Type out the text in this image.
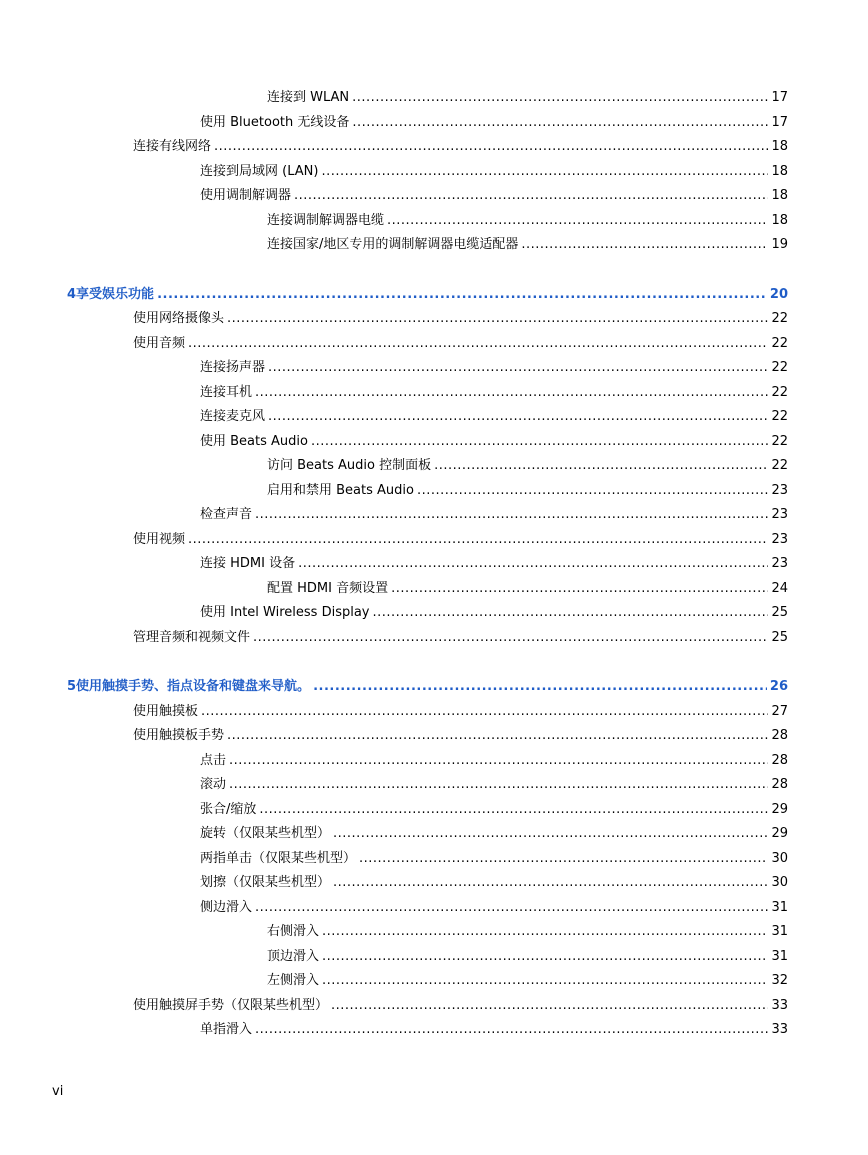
连接到 WLAN .....	17
使用 Bluetooth 无线设备 .....	17
连接有线网络 .....	18
连接到局域网 (LAN) .....	18
使用调制解调器 .....	18
连接调制解调器电缆 .....	18
连接国家/地区专用的调制解调器电缆适配器 .....	19
4 享受娱乐功能 .....	20
使用网络摄像头 .....	22
使用音频 .....	22
连接扬声器 .....	22
连接耳机 .....	22
连接麦克风 .....	22
使用 Beats Audio .....	22
访问 Beats Audio 控制面板 .....	22
启用和禁用 Beats Audio .....	23
检查声音 .....	23
使用视频 .....	23
连接 HDMI 设备 .....	23
配置 HDMI 音频设置 .....	24
使用 Intel Wireless Display .....	25
管理音频和视频文件 .....	25
5 使用触摸手势、指点设备和键盘来导航。 .....	26
使用触摸板 .....	27
使用触摸板手势 .....	28
点击 .....	28
滚动 .....	28
张合/缩放 .....	29
旋转（仅限某些机型） .....	29
两指单击（仅限某些机型） .....	30
划擦（仅限某些机型） .....	30
侧边滑入 .....	31
右侧滑入 .....	31
顶边滑入 .....	31
左侧滑入 .....	32
使用触摸屏手势（仅限某些机型） .....	33
单指滑入 .....	33
vi
